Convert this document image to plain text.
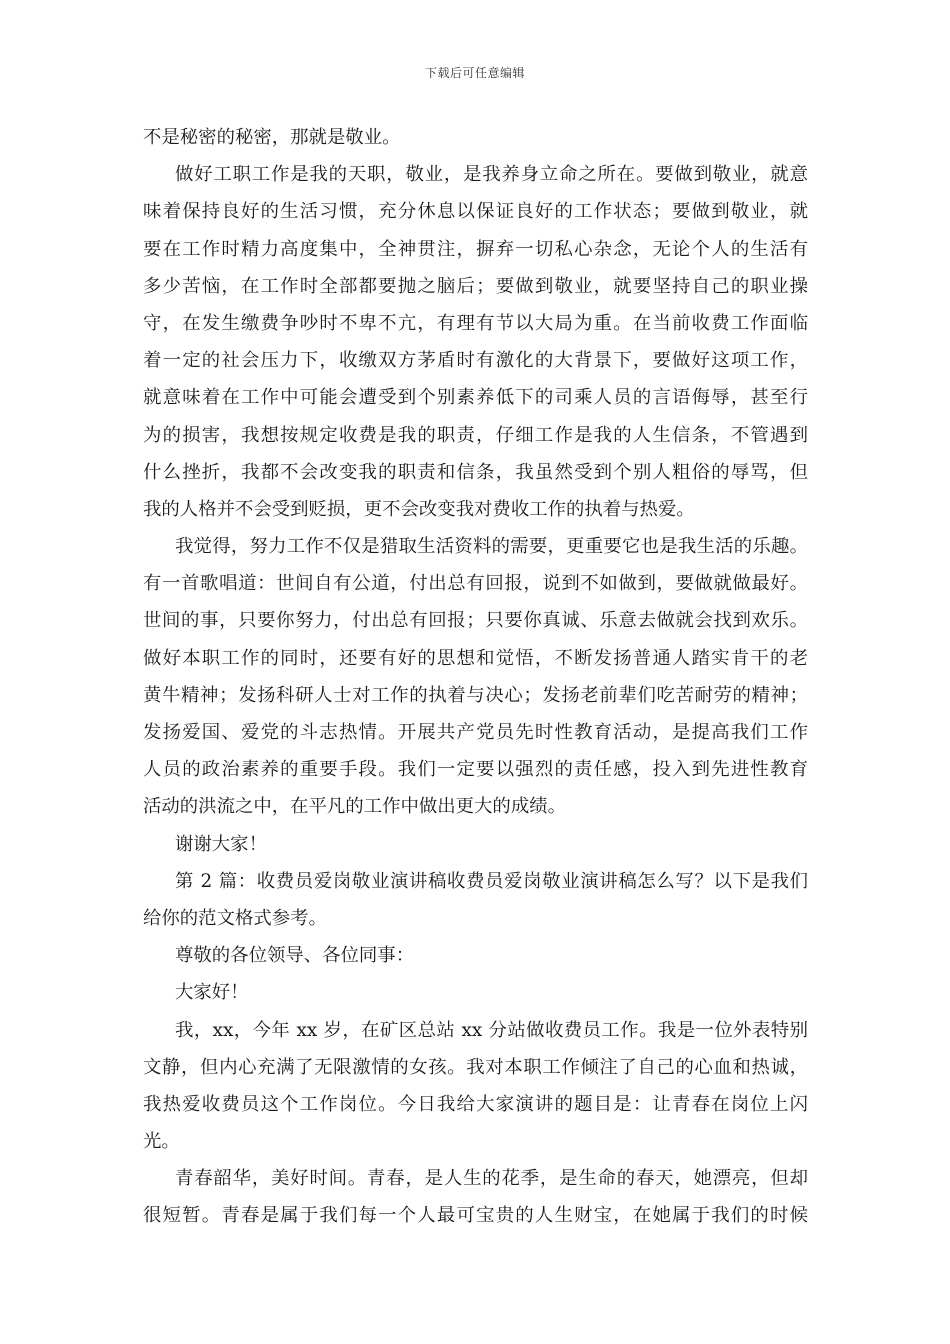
下载后可任意编辑
不是秘密的秘密，那就是敬业。
做好工职工作是我的天职，敬业，是我养身立命之所在。要做到敬业，就意
味着保持良好的生活习惯，充分休息以保证良好的工作状态；要做到敬业，就
要在工作时精力高度集中，全神贯注，摒弃一切私心杂念，无论个人的生活有
多少苦恼，在工作时全部都要抛之脑后；要做到敬业，就要坚持自己的职业操
守，在发生缴费争吵时不卑不亢，有理有节以大局为重。在当前收费工作面临
着一定的社会压力下，收缴双方茅盾时有激化的大背景下，要做好这项工作，
就意味着在工作中可能会遭受到个别素养低下的司乘人员的言语侮辱，甚至行
为的损害，我想按规定收费是我的职责，仔细工作是我的人生信条，不管遇到
什么挫折，我都不会改变我的职责和信条，我虽然受到个别人粗俗的辱骂，但
我的人格并不会受到贬损，更不会改变我对费收工作的执着与热爱。
我觉得，努力工作不仅是猎取生活资料的需要，更重要它也是我生活的乐趣。
有一首歌唱道：世间自有公道，付出总有回报，说到不如做到，要做就做最好。
世间的事，只要你努力，付出总有回报；只要你真诚、乐意去做就会找到欢乐。
做好本职工作的同时，还要有好的思想和觉悟，不断发扬普通人踏实肯干的老
黄牛精神；发扬科研人士对工作的执着与决心；发扬老前辈们吃苦耐劳的精神；
发扬爱国、爱党的斗志热情。开展共产党员先时性教育活动，是提高我们工作
人员的政治素养的重要手段。我们一定要以强烈的责任感，投入到先进性教育
活动的洪流之中，在平凡的工作中做出更大的成绩。
谢谢大家！
第 2 篇：收费员爱岗敬业演讲稿收费员爱岗敬业演讲稿怎么写？以下是我们
给你的范文格式参考。
尊敬的各位领导、各位同事：
大家好！
我，xx，今年 xx 岁，在矿区总站 xx 分站做收费员工作。我是一位外表特别
文静，但内心充满了无限激情的女孩。我对本职工作倾注了自己的心血和热诚，
我热爱收费员这个工作岗位。今日我给大家演讲的题目是：让青春在岗位上闪
光。
青春韶华，美好时间。青春，是人生的花季，是生命的春天，她漂亮，但却
很短暂。青春是属于我们每一个人最可宝贵的人生财宝，在她属于我们的时候
